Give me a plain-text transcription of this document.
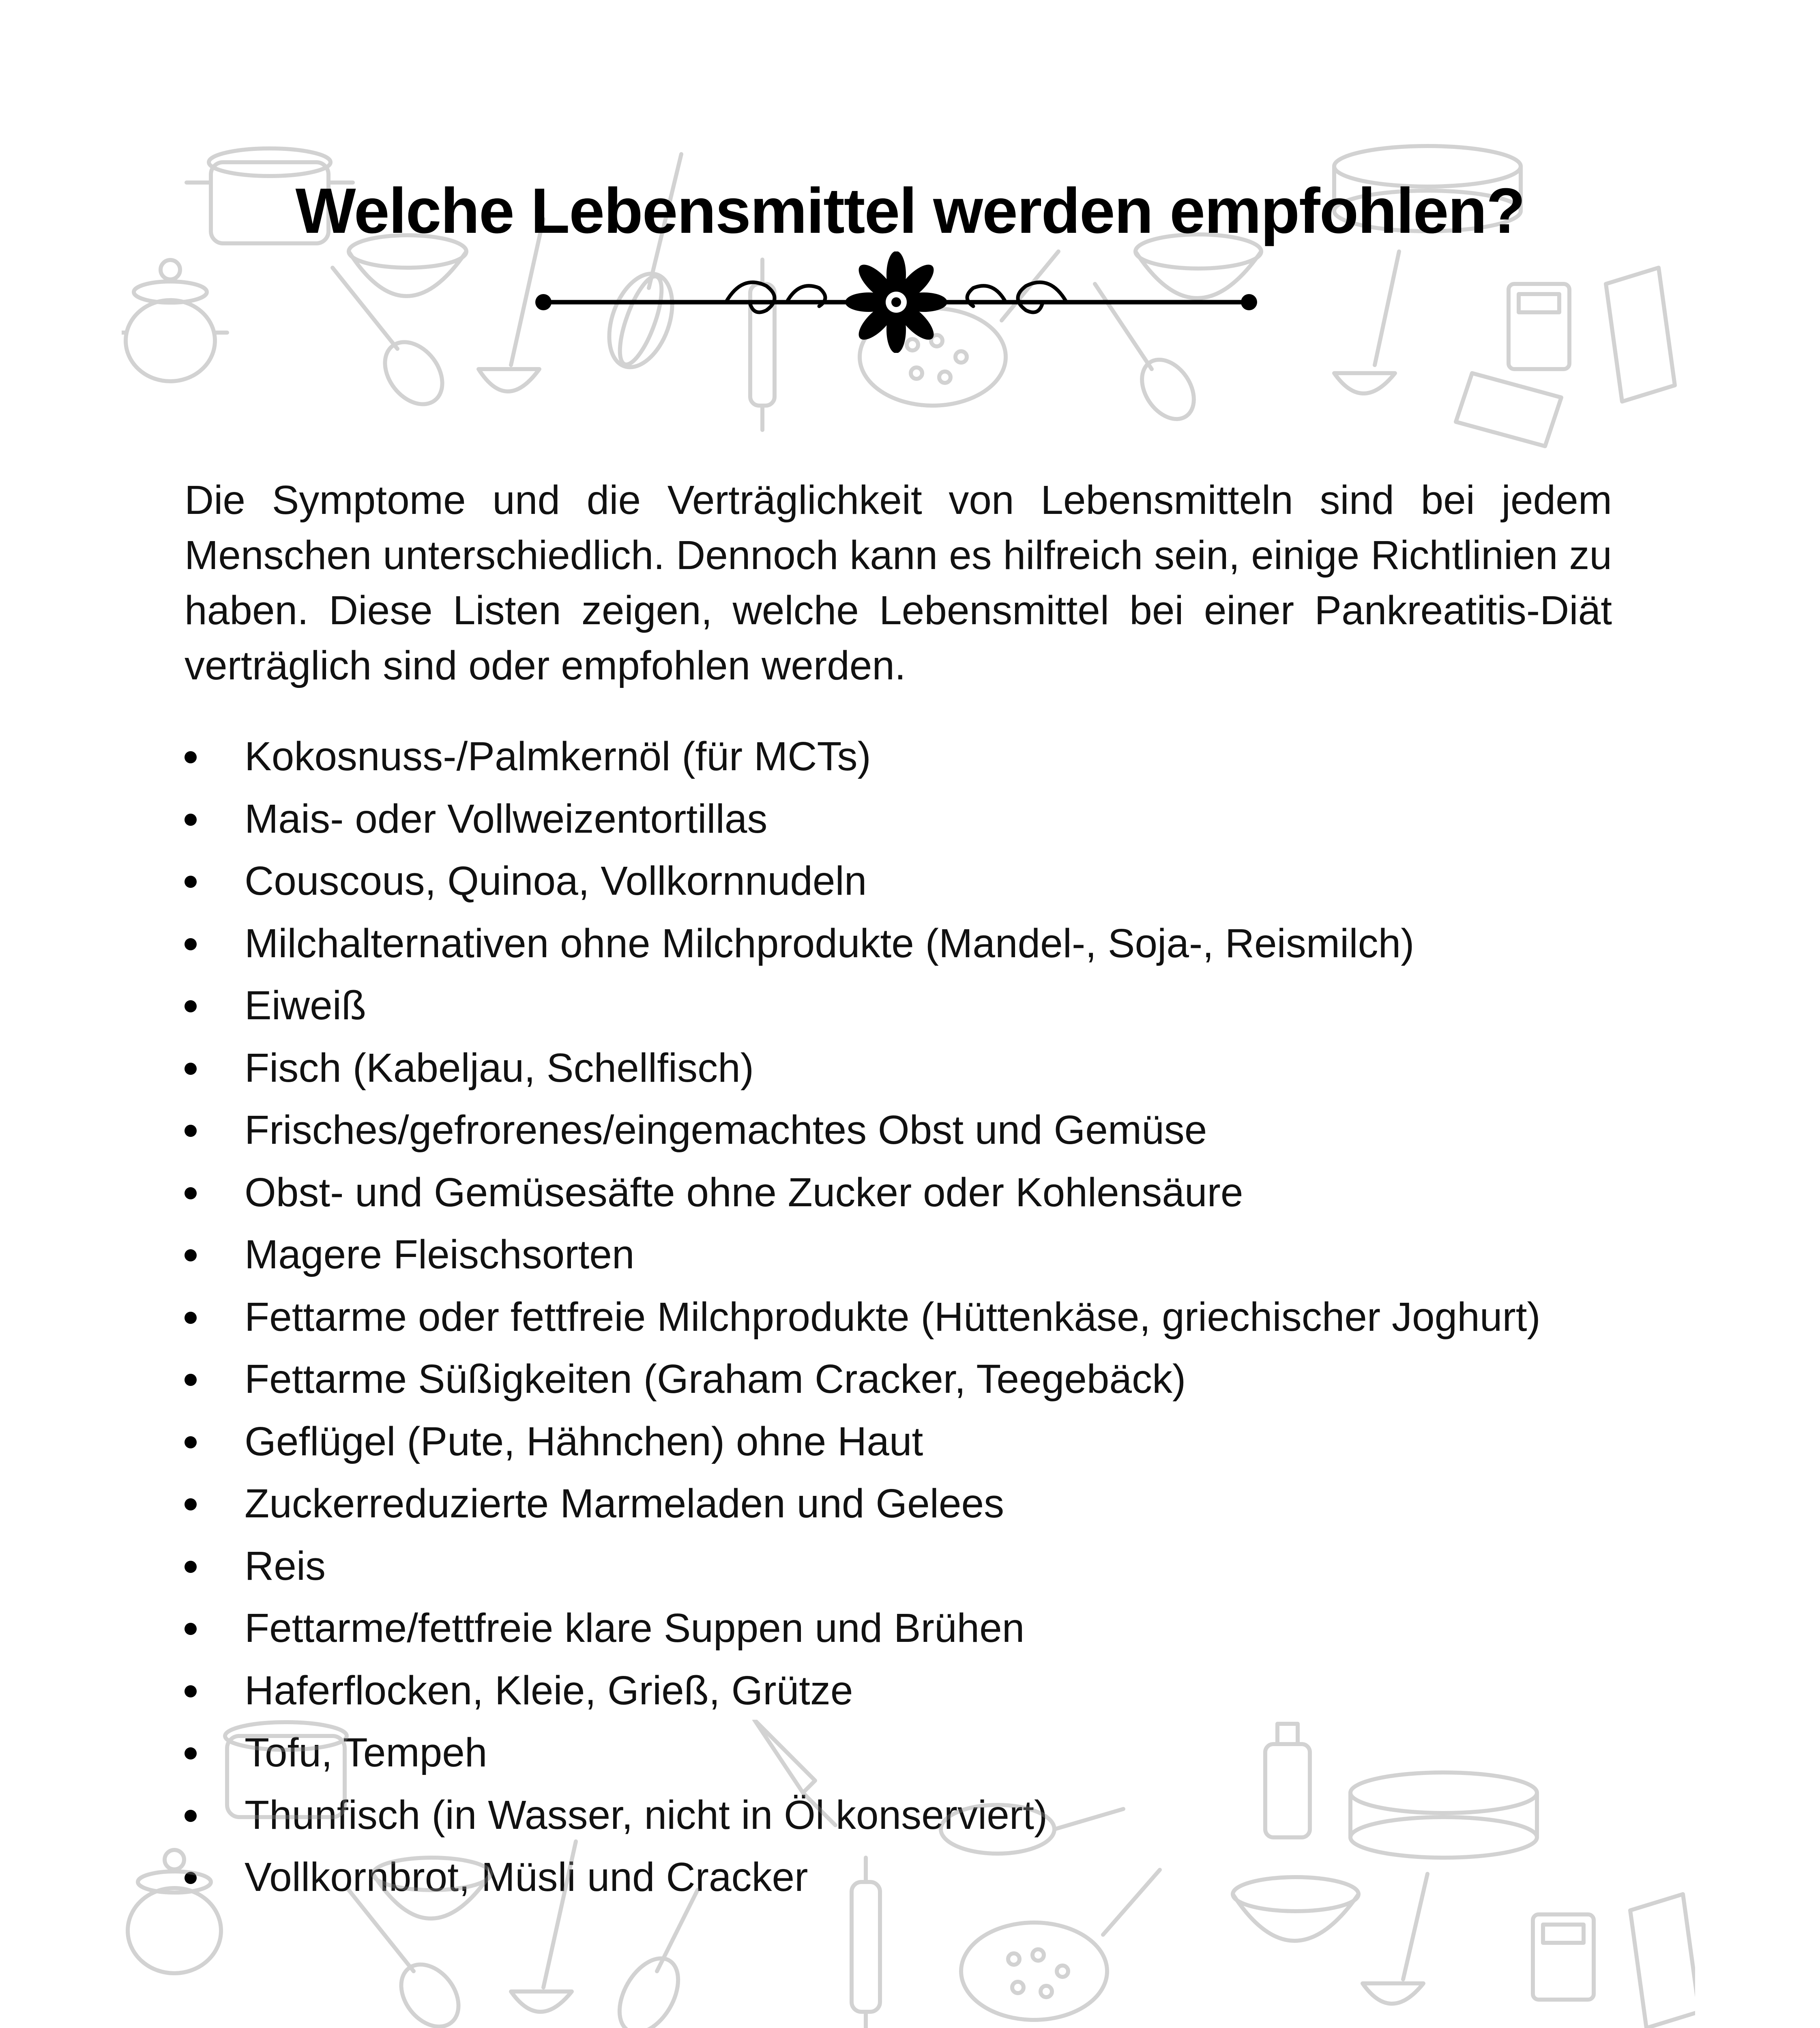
Welche Lebensmittel werden empfohlen?

Die Symptome und die Verträglichkeit von Lebensmitteln sind bei jedem Menschen unterschiedlich. Dennoch kann es hilfreich sein, einige Richtlinien zu haben. Diese Listen zeigen, welche Lebensmittel bei einer Pankreatitis-Diät verträglich sind oder empfohlen werden.

Kokosnuss-/Palmkernöl (für MCTs)
Mais- oder Vollweizentortillas
Couscous, Quinoa, Vollkornnudeln
Milchalternativen ohne Milchprodukte (Mandel-, Soja-, Reismilch)
Eiweiß
Fisch (Kabeljau, Schellfisch)
Frisches/gefrorenes/eingemachtes Obst und Gemüse
Obst- und Gemüsesäfte ohne Zucker oder Kohlensäure
Magere Fleischsorten
Fettarme oder fettfreie Milchprodukte (Hüttenkäse, griechischer Joghurt)
Fettarme Süßigkeiten (Graham Cracker, Teegebäck)
Geflügel (Pute, Hähnchen) ohne Haut
Zuckerreduzierte Marmeladen und Gelees
Reis
Fettarme/fettfreie klare Suppen und Brühen
Haferflocken, Kleie, Grieß, Grütze
Tofu, Tempeh
Thunfisch (in Wasser, nicht in Öl konserviert)
Vollkornbrot, Müsli und Cracker
